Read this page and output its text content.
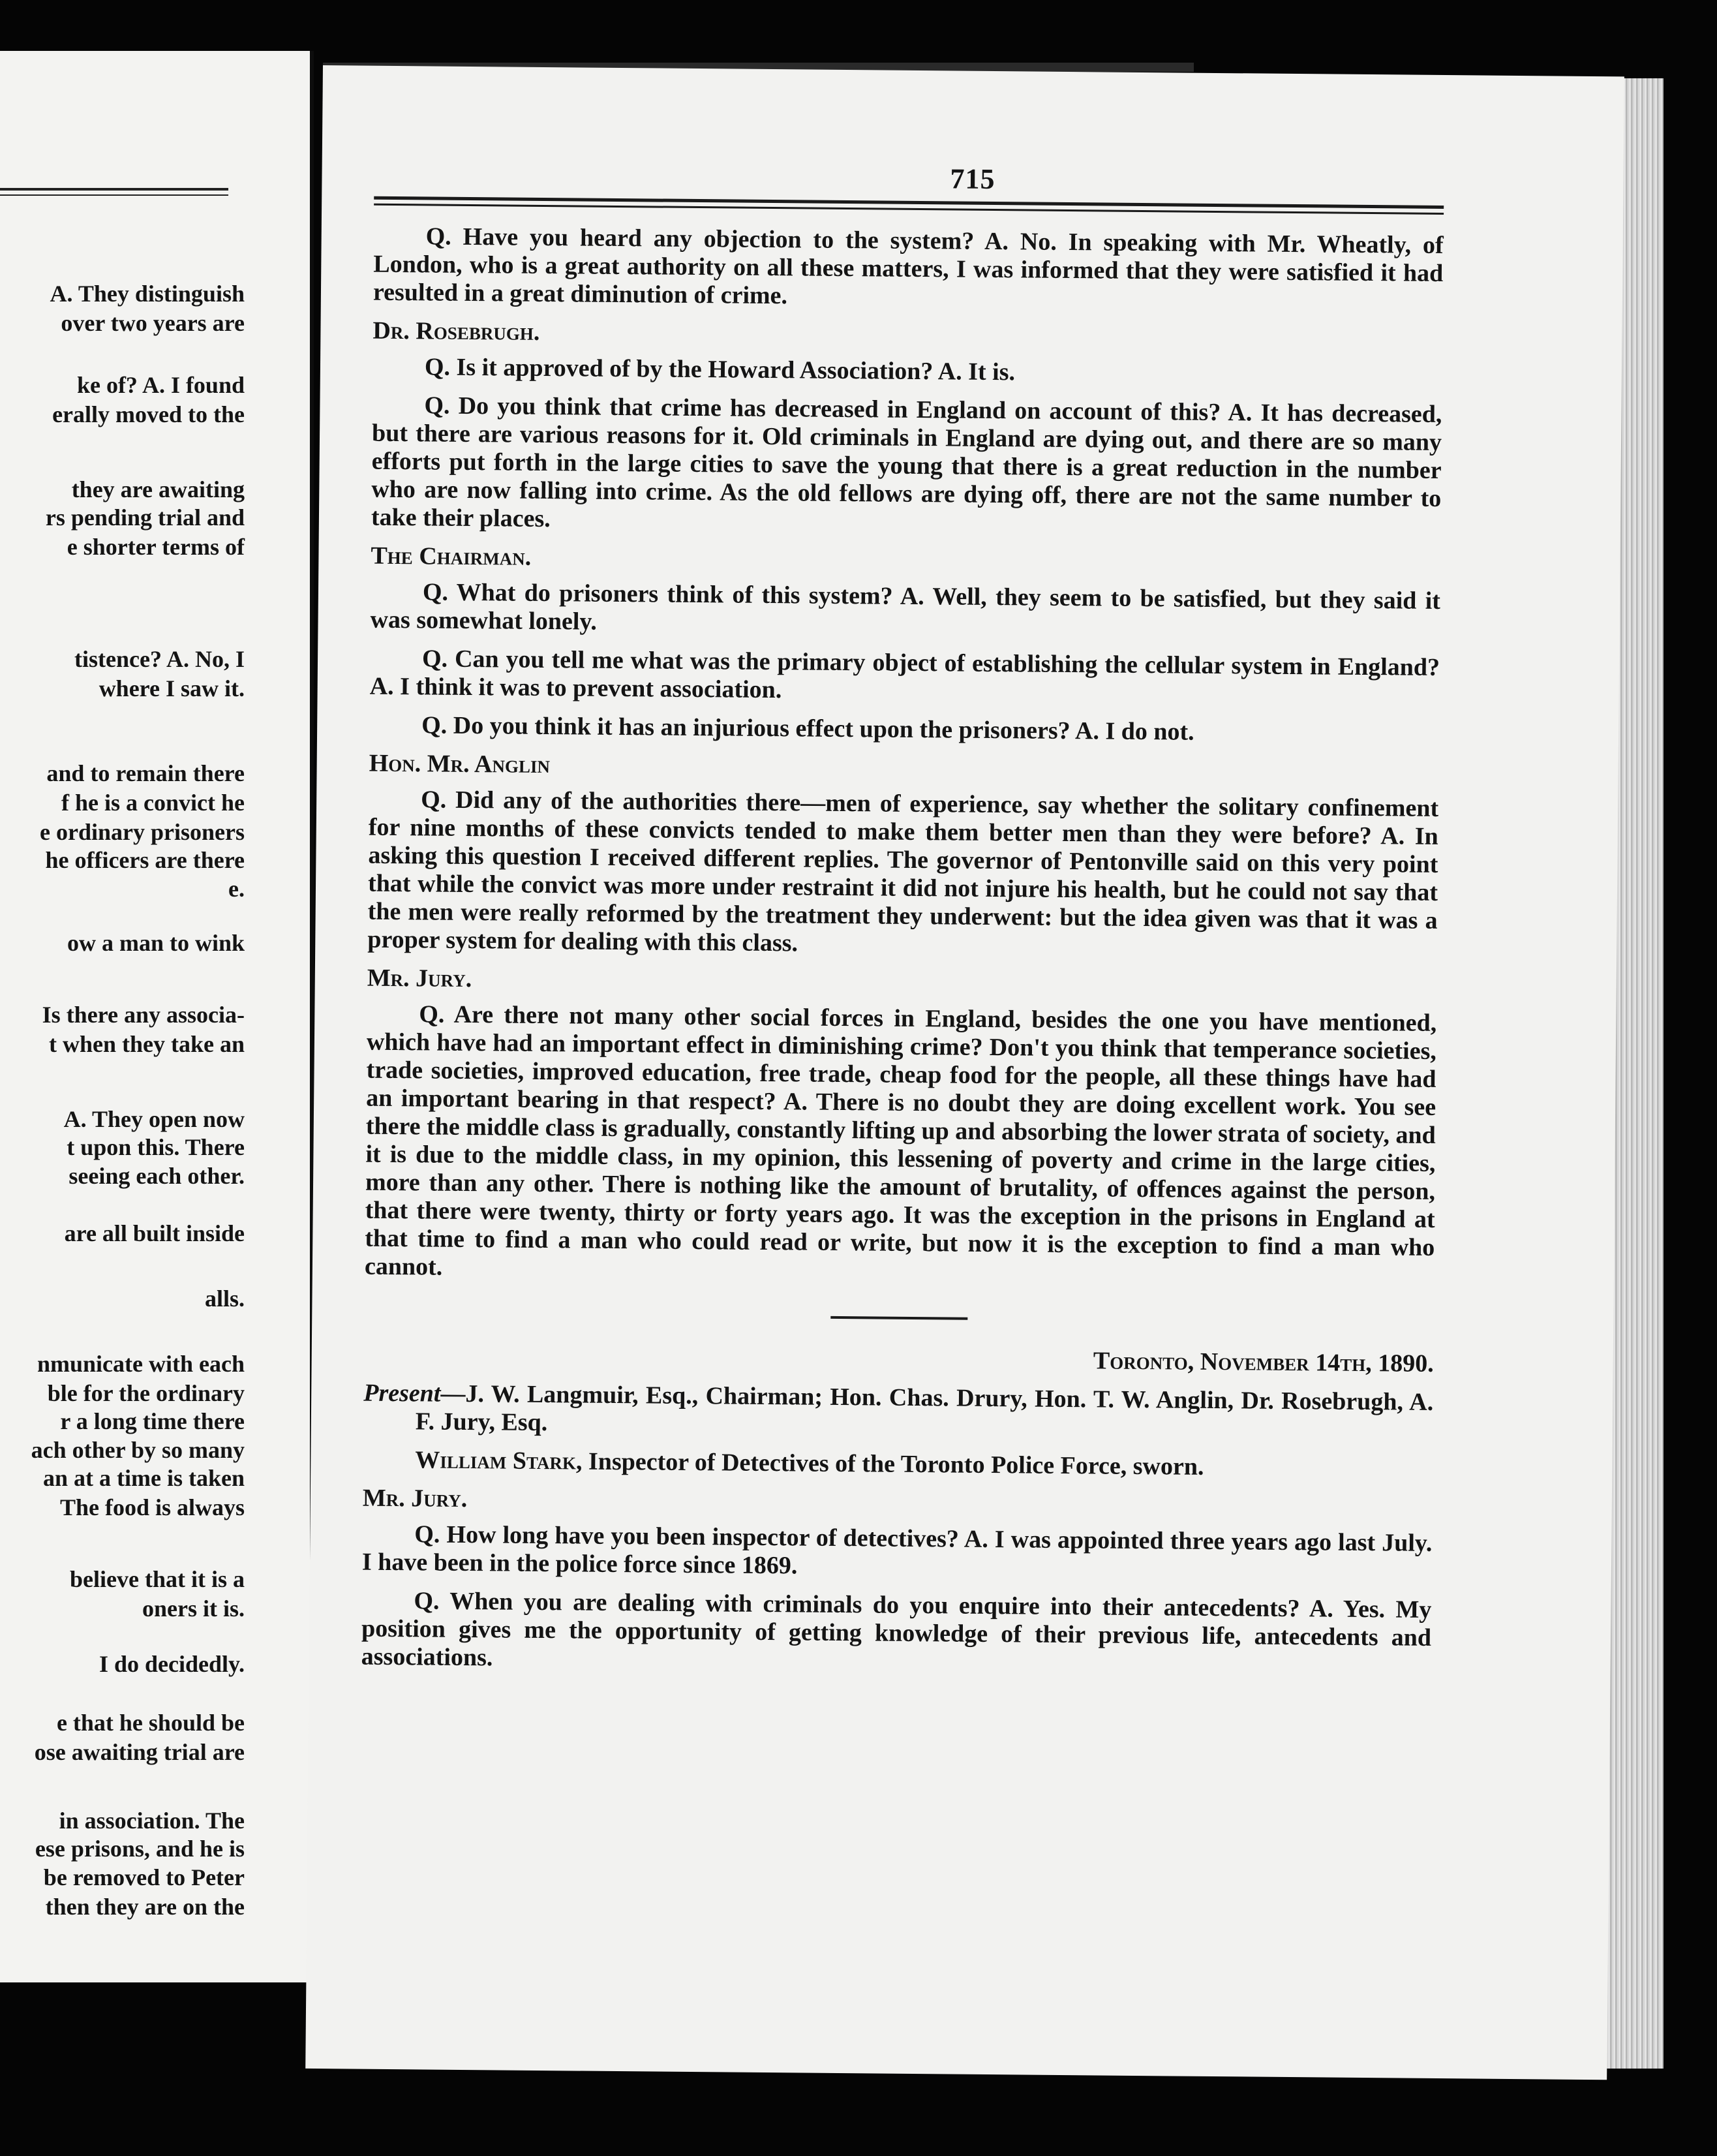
A. They distinguish
over two years are
ke of? A. I found
erally moved to the
they are awaiting
rs pending trial and
e shorter terms of
tistence? A. No, I
where I saw it.
and to remain there
f he is a convict he
e ordinary prisoners
he officers are there
e.
ow a man to wink
Is there any associa-
t when they take an
A. They open now
t upon this. There
seeing each other.
are all built inside
alls.
nmunicate with each
ble for the ordinary
r a long time there
ach other by so many
an at a time is taken
The food is always
believe that it is a
oners it is.
I do decidedly.
e that he should be
ose awaiting trial are
in association. The
ese prisons, and he is
be removed to Peter
then they are on the
715

Q. Have you heard any objection to the system? A. No. In speaking with Mr. Wheatly, of London, who is a great authority on all these matters, I was informed that they were satisfied it had resulted in a great diminution of crime.

Dr. Rosebrugh.

Q. Is it approved of by the Howard Association? A. It is.

Q. Do you think that crime has decreased in England on account of this? A. It has decreased, but there are various reasons for it. Old criminals in England are dying out, and there are so many efforts put forth in the large cities to save the young that there is a great reduction in the number who are now falling into crime. As the old fellows are dying off, there are not the same number to take their places.

The Chairman.

Q. What do prisoners think of this system? A. Well, they seem to be satisfied, but they said it was somewhat lonely.

Q. Can you tell me what was the primary object of establishing the cellular system in England? A. I think it was to prevent association.

Q. Do you think it has an injurious effect upon the prisoners? A. I do not.

Hon. Mr. Anglin

Q. Did any of the authorities there—men of experience, say whether the solitary confinement for nine months of these convicts tended to make them better men than they were before? A. In asking this question I received different replies. The governor of Pentonville said on this very point that while the convict was more under restraint it did not injure his health, but he could not say that the men were really reformed by the treatment they underwent: but the idea given was that it was a proper system for dealing with this class.

Mr. Jury.

Q. Are there not many other social forces in England, besides the one you have mentioned, which have had an important effect in diminishing crime? Don't you think that temperance societies, trade societies, improved education, free trade, cheap food for the people, all these things have had an important bearing in that respect? A. There is no doubt they are doing excellent work. You see there the middle class is gradually, constantly lifting up and absorbing the lower strata of society, and it is due to the middle class, in my opinion, this lessening of poverty and crime in the large cities, more than any other. There is nothing like the amount of brutality, of offences against the person, that there were twenty, thirty or forty years ago. It was the exception in the prisons in England at that time to find a man who could read or write, but now it is the exception to find a man who cannot.

Toronto, November 14th, 1890.

Present—J. W. Langmuir, Esq., Chairman; Hon. Chas. Drury, Hon. T. W. Anglin, Dr. Rosebrugh, A. F. Jury, Esq.

William Stark, Inspector of Detectives of the Toronto Police Force, sworn.

Mr. Jury.

Q. How long have you been inspector of detectives? A. I was appointed three years ago last July. I have been in the police force since 1869.

Q. When you are dealing with criminals do you enquire into their antecedents? A. Yes. My position gives me the opportunity of getting knowledge of their previous life, antecedents and associations.
